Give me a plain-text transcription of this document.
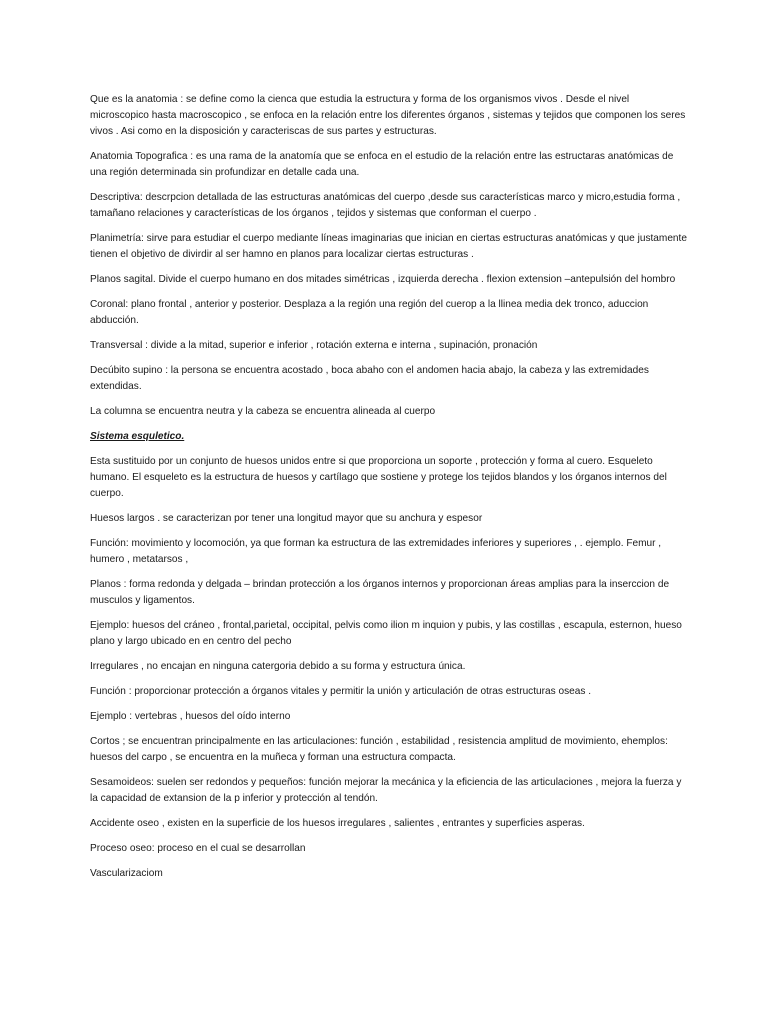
Que es la anatomia : se define como la cienca que estudia la estructura y forma de los organismos vivos . Desde el nivel microscopico hasta macroscopico , se enfoca en la relación entre los diferentes órganos , sistemas y tejidos que componen los seres vivos . Asi como en la disposición y caracteriscas de sus partes y estructuras.

Anatomia Topografica : es una rama de la anatomía que se enfoca en el estudio de la relación entre las estructaras anatómicas de una región determinada sin profundizar en detalle cada una.

Descriptiva: descrpcion detallada de las estructuras anatómicas del cuerpo ,desde sus características marco y micro,estudia forma , tamañano relaciones y características de los órganos , tejidos y sistemas que conforman el cuerpo .

Planimetría: sirve para estudiar el cuerpo mediante líneas imaginarias que inician en ciertas estructuras anatómicas y que justamente tienen el objetivo de divirdir al ser hamno en planos para localizar ciertas estructuras .

Planos sagital. Divide el cuerpo humano en dos mitades simétricas , izquierda derecha . flexion extension –antepulsión del hombro

Coronal: plano frontal , anterior y posterior. Desplaza a la región una región del cuerop a la llinea media dek tronco, aduccion abducción.

Transversal : divide a la mitad, superior e inferior , rotación externa e interna , supinación, pronación

Decúbito supino : la persona se encuentra acostado , boca abaho con el andomen hacia abajo, la cabeza y las extremidades extendidas.

La columna se encuentra neutra y la cabeza se encuentra alineada al cuerpo

Sistema esquletico.

Esta sustituido por un conjunto de huesos unidos entre si que proporciona un soporte , protección y forma al cuero. Esqueleto humano. El esqueleto es la estructura de huesos y cartílago que sostiene y protege los tejidos blandos y los órganos internos del cuerpo.

Huesos largos . se caracterizan por tener una longitud mayor que su anchura y espesor

Función: movimiento y locomoción, ya que forman ka estructura de las extremidades inferiores y superiores , . ejemplo. Femur , humero , metatarsos ,

Planos : forma redonda y delgada – brindan protección a los órganos internos y proporcionan áreas amplias para la inserccion de musculos y ligamentos.

Ejemplo: huesos del cráneo , frontal,parietal, occipital, pelvis como ilion m inquion y pubis, y las costillas , escapula, esternon, hueso plano y largo ubicado en en centro del pecho

Irregulares , no encajan en ninguna catergoria debido a su forma y estructura única.

Función : proporcionar protección a órganos vitales y permitir la unión y articulación de otras estructuras oseas .

Ejemplo : vertebras , huesos del oído interno

Cortos ; se encuentran principalmente en las articulaciones: función , estabilidad , resistencia amplitud de movimiento, ehemplos: huesos del carpo , se encuentra en la muñeca y forman una estructura compacta.

Sesamoideos: suelen ser redondos y pequeños: función mejorar la mecánica y la eficiencia de las articulaciones , mejora la fuerza y la capacidad de extansion de la p inferior y protección al tendón.

Accidente oseo , existen en la superficie de los huesos irregulares , salientes , entrantes y superficies asperas.

Proceso oseo: proceso en el cual se desarrollan

Vascularizaciom
